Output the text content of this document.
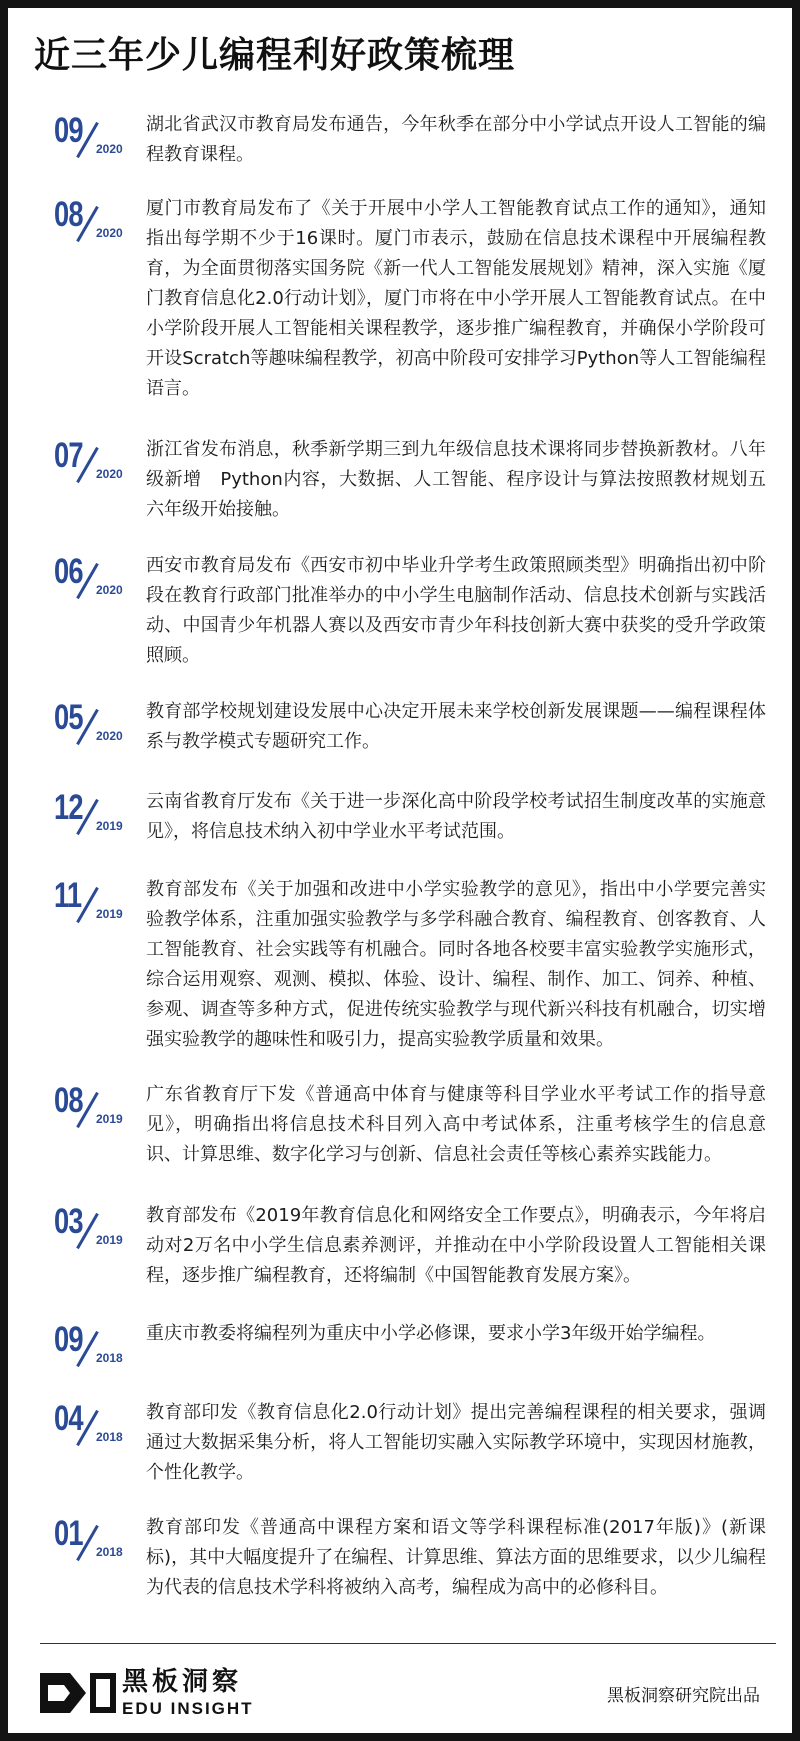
近三年少儿编程利好政策梳理
09 2020
湖北省武汉市教育局发布通告，今年秋季在部分中小学试点开设人工智能的编程教育课程。
08 2020
厦门市教育局发布了《关于开展中小学人工智能教育试点工作的通知》，通知指出每学期不少于16课时。厦门市表示，鼓励在信息技术课程中开展编程教育，为全面贯彻落实国务院《新一代人工智能发展规划》精神，深入实施《厦门教育信息化2.0行动计划》，厦门市将在中小学开展人工智能教育试点。在中小学阶段开展人工智能相关课程教学，逐步推广编程教育，并确保小学阶段可开设Scratch等趣味编程教学，初高中阶段可安排学习Python等人工智能编程语言。
07 2020
浙江省发布消息，秋季新学期三到九年级信息技术课将同步替换新教材。八年级新增　Python内容，大数据、人工智能、程序设计与算法按照教材规划五六年级开始接触。
06 2020
西安市教育局发布《西安市初中毕业升学考生政策照顾类型》明确指出初中阶段在教育行政部门批准举办的中小学生电脑制作活动、信息技术创新与实践活动、中国青少年机器人赛以及西安市青少年科技创新大赛中获奖的受升学政策照顾。
05 2020
教育部学校规划建设发展中心决定开展未来学校创新发展课题——编程课程体系与教学模式专题研究工作。
12 2019
云南省教育厅发布《关于进一步深化高中阶段学校考试招生制度改革的实施意见》，将信息技术纳入初中学业水平考试范围。
11 2019
教育部发布《关于加强和改进中小学实验教学的意见》，指出中小学要完善实验教学体系，注重加强实验教学与多学科融合教育、编程教育、创客教育、人工智能教育、社会实践等有机融合。同时各地各校要丰富实验教学实施形式，综合运用观察、观测、模拟、体验、设计、编程、制作、加工、饲养、种植、参观、调查等多种方式，促进传统实验教学与现代新兴科技有机融合，切实增强实验教学的趣味性和吸引力，提高实验教学质量和效果。
08 2019
广东省教育厅下发《普通高中体育与健康等科目学业水平考试工作的指导意见》，明确指出将信息技术科目列入高中考试体系，注重考核学生的信息意识、计算思维、数字化学习与创新、信息社会责任等核心素养实践能力。
03 2019
教育部发布《2019年教育信息化和网络安全工作要点》，明确表示，今年将启动对2万名中小学生信息素养测评，并推动在中小学阶段设置人工智能相关课程，逐步推广编程教育，还将编制《中国智能教育发展方案》。
09 2018
重庆市教委将编程列为重庆中小学必修课，要求小学3年级开始学编程。
04 2018
教育部印发《教育信息化2.0行动计划》提出完善编程课程的相关要求，强调通过大数据采集分析，将人工智能切实融入实际教学环境中，实现因材施教，个性化教学。
01 2018
教育部印发《普通高中课程方案和语文等学科课程标准(2017年版)》(新课标)，其中大幅度提升了在编程、计算思维、算法方面的思维要求，以少儿编程为代表的信息技术学科将被纳入高考，编程成为高中的必修科目。
黑板洞察
EDU INSIGHT
黑板洞察研究院出品
